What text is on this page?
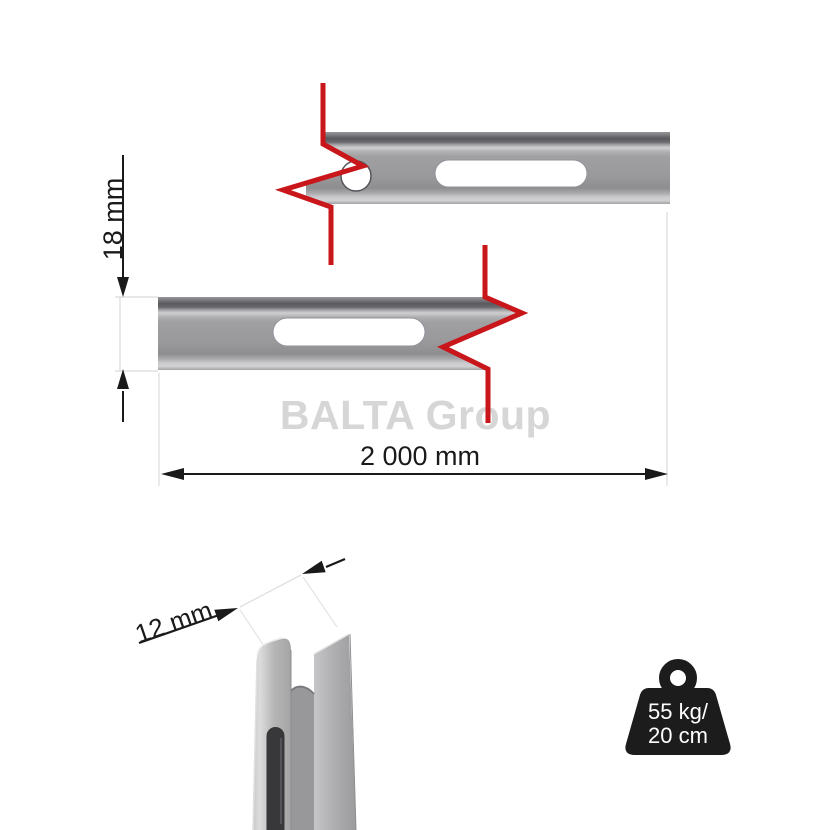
BALTA Group
18 mm
2 000 mm
12 mm
55 kg/
20 cm
